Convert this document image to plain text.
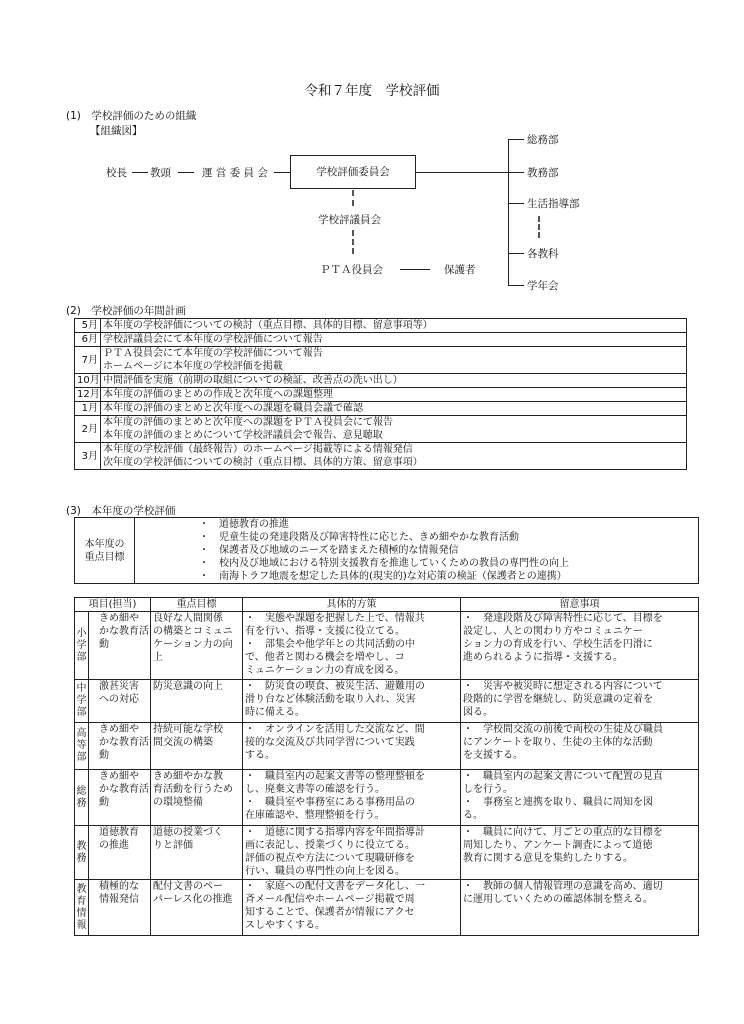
令和７年度　学校評価
(1)　学校評価のための組織
【組織図】
校長 教頭	運 営 委 員 会	学校評価委員会
総務部
教務部
生活指導部
各教科
学年会
学校評議員会
ＰＴＡ役員会	保護者
(2)　学校評価の年間計画
5月	本年度の学校評価についての検討（重点目標、具体的目標、留意事項等）

6月	学校評議員会にて本年度の学校評価について報告

7月	ＰＴＡ役員会にて本年度の学校評価について報告
ホームページに本年度の学校評価を掲載

10月	中間評価を実施（前期の取組についての検証、改善点の洗い出し）

12月	本年度の評価のまとめの作成と次年度への課題整理

1月	本年度の評価のまとめと次年度への課題を職員会議で確認

2月	本年度の評価のまとめと次年度への課題をＰＴＡ役員会にて報告
本年度の評価のまとめについて学校評議員会で報告、意見聴取

3月	本年度の学校評価（最終報告）のホームページ掲載等による情報発信
次年度の学校評価についての検討（重点目標、具体的方策、留意事項）
(3)　本年度の学校評価
本年度の
重点目標	
・　道徳教育の推進
・　児童生徒の発達段階及び障害特性に応じた、きめ細やかな教育活動
・　保護者及び地域のニーズを踏まえた積極的な情報発信
・　校内及び地域における特別支援教育を推進していくための教員の専門性の向上
・　南海トラフ地震を想定した具体的(現実的)な対応策の検証（保護者との連携）
項目(担当)		重点目標	具体的方策	留意事項
小
学
部	きめ細や
かな教育活
動	良好な人間関係
の構築とコミュニ
ケーション力の向
上	・　実態や課題を把握した上で、情報共
有を行い、指導・支援に役立てる。
・　部集会や他学年との共同活動の中
で、他者と関わる機会を増やし、コ
ミュニケーション力の育成を図る。	・　発達段階及び障害特性に応じて、目標を
設定し、人との関わり方やコミュニケー
ション力の育成を行い、学校生活を円滑に
進められるように指導・支援する。

中
学
部	激甚災害
への対応	防災意識の向上	・　防災食の喫食、被災生活、避難用の
滑り台など体験活動を取り入れ、災害
時に備える。	・　災害や被災時に想定される内容について
段階的に学習を継続し、防災意識の定着を
図る。

高
等
部	きめ細や
かな教育活
動	持続可能な学校
間交流の構築	・　オンラインを活用した交流など、間
接的な交流及び共同学習について実践
する。	・　学校間交流の前後で両校の生徒及び職員
にアンケートを取り、生徒の主体的な活動
を支援する。

総
務	きめ細や
かな教育活
動	きめ細やかな教
育活動を行うため
の環境整備	・　職員室内の起案文書等の整理整頓を
し、廃棄文書等の確認を行う。
・　職員室や事務室にある事務用品の
在庫確認や、整理整頓を行う。	・　職員室内の起案文書について配置の見直
しを行う。
・　事務室と連携を取り、職員に周知を図
る。

教
務	道徳教育
の推進	道徳の授業づく
りと評価	・　道徳に関する指導内容を年間指導計
画に表記し、授業づくりに役立てる。
評価の視点や方法について現職研修を
行い、職員の専門性の向上を図る。	・　職員に向けて、月ごとの重点的な目標を
周知したり、アンケート調査によって道徳
教育に関する意見を集約したりする。

教
育
情
報	積極的な
情報発信	配付文書のペー
パーレス化の推進	・　家庭への配付文書をデータ化し、一
斉メール配信やホームページ掲載で周
知することで、保護者が情報にアクセ
スしやすくする。	・　教師の個人情報管理の意識を高め、適切
に運用していくための確認体制を整える。
